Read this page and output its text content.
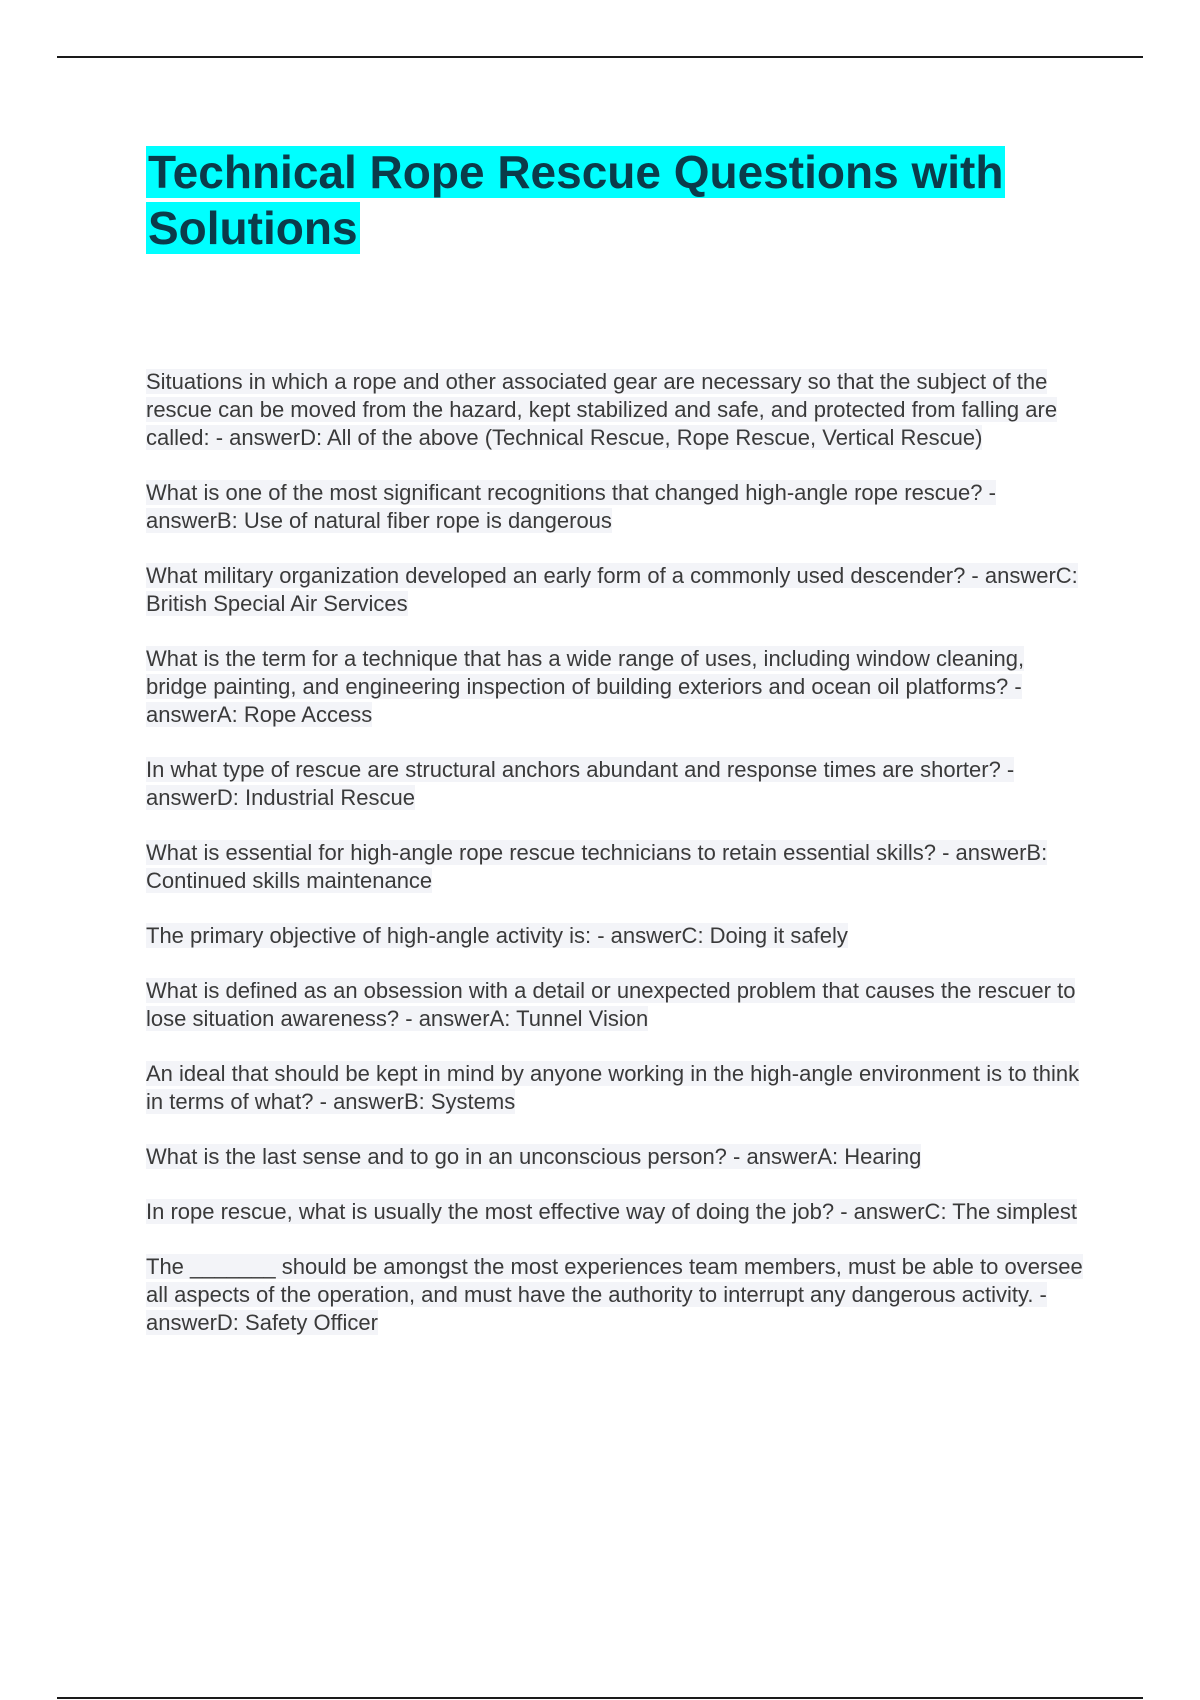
Technical Rope Rescue Questions with Solutions

Situations in which a rope and other associated gear are necessary so that the subject of the rescue can be moved from the hazard, kept stabilized and safe, and protected from falling are called: - answerD: All of the above (Technical Rescue, Rope Rescue, Vertical Rescue)

What is one of the most significant recognitions that changed high-angle rope rescue? - answerB: Use of natural fiber rope is dangerous

What military organization developed an early form of a commonly used descender? - answerC: British Special Air Services

What is the term for a technique that has a wide range of uses, including window cleaning, bridge painting, and engineering inspection of building exteriors and ocean oil platforms? - answerA: Rope Access

In what type of rescue are structural anchors abundant and response times are shorter? - answerD: Industrial Rescue

What is essential for high-angle rope rescue technicians to retain essential skills? - answerB: Continued skills maintenance

The primary objective of high-angle activity is: - answerC: Doing it safely

What is defined as an obsession with a detail or unexpected problem that causes the rescuer to lose situation awareness? - answerA: Tunnel Vision

An ideal that should be kept in mind by anyone working in the high-angle environment is to think in terms of what? - answerB: Systems

What is the last sense and to go in an unconscious person? - answerA: Hearing

In rope rescue, what is usually the most effective way of doing the job? - answerC: The simplest

The _______ should be amongst the most experiences team members, must be able to oversee all aspects of the operation, and must have the authority to interrupt any dangerous activity. - answerD: Safety Officer
